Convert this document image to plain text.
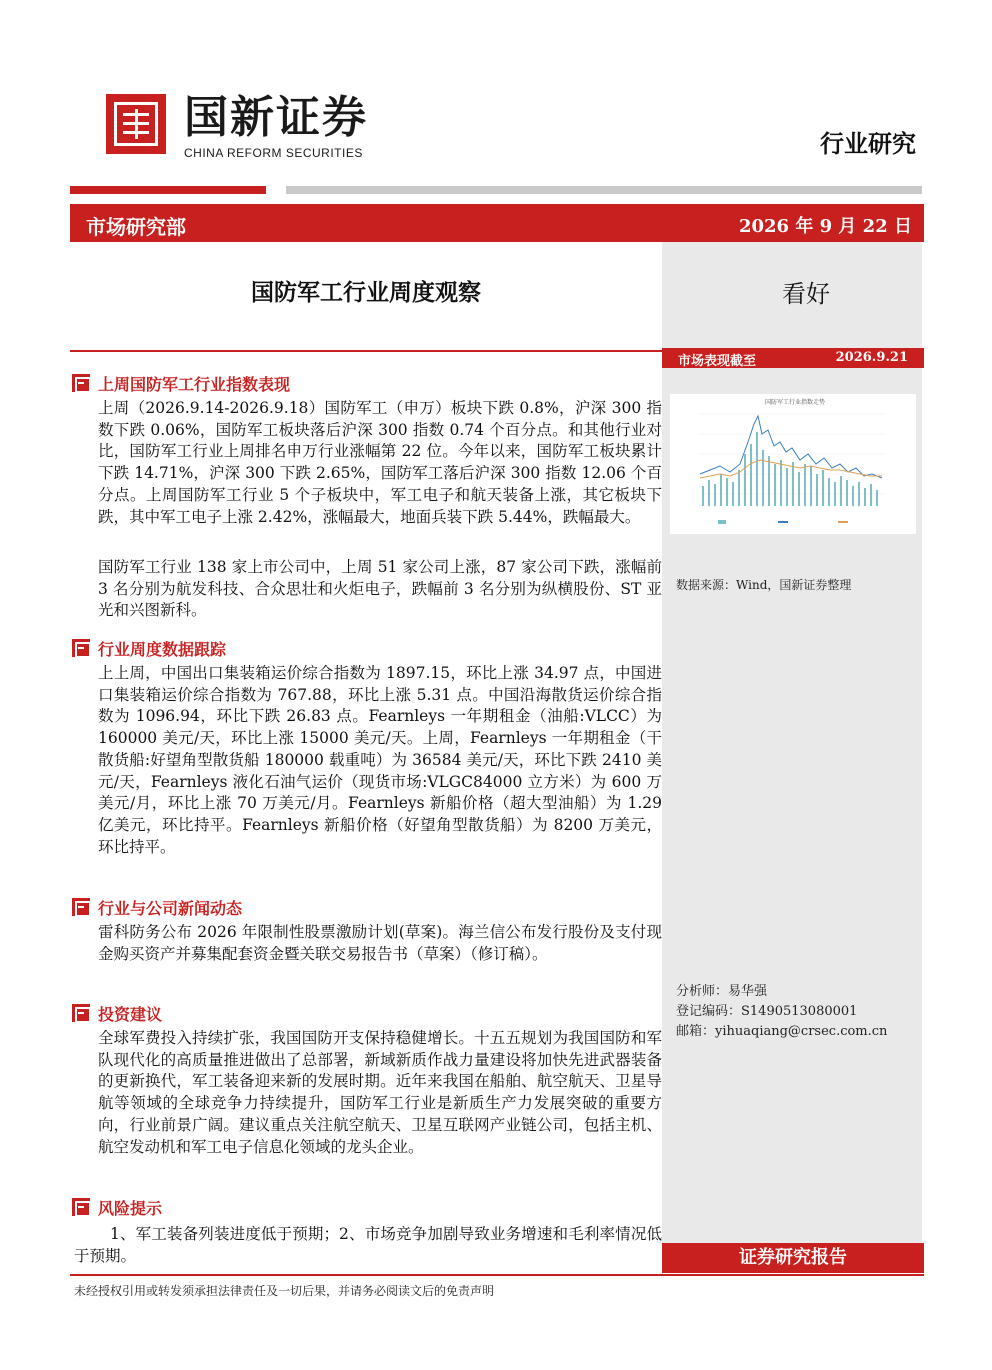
国新证券
CHINA REFORM SECURITIES	行业研究
市场研究部	2026 年 9 月 22 日
看好
国防军工行业周度观察
市场表现截至	2026.9.21
国防军工行业指数走势
数据来源：Wind，国新证券整理
分析师：易华强
登记编码：S1490513080001
邮箱：yihuaqiang@crsec.com.cn
上周国防军工行业指数表现
上周（2026.9.14-2026.9.18）国防军工（申万）板块下跌 0.8%，沪深 300 指数下跌 0.06%，国防军工板块落后沪深 300 指数 0.74 个百分点。和其他行业对比，国防军工行业上周排名申万行业涨幅第 22 位。今年以来，国防军工板块累计下跌 14.71%，沪深 300 下跌 2.65%，国防军工落后沪深 300 指数 12.06 个百分点。上周国防军工行业 5 个子板块中，军工电子和航天装备上涨，其它板块下跌，其中军工电子上涨 2.42%，涨幅最大，地面兵装下跌 5.44%，跌幅最大。
国防军工行业 138 家上市公司中，上周 51 家公司上涨，87 家公司下跌，涨幅前 3 名分别为航发科技、合众思壮和火炬电子，跌幅前 3 名分别为纵横股份、ST 亚光和兴图新科。
行业周度数据跟踪
上上周，中国出口集装箱运价综合指数为 1897.15，环比上涨 34.97 点，中国进口集装箱运价综合指数为 767.88，环比上涨 5.31 点。中国沿海散货运价综合指数为 1096.94，环比下跌 26.83 点。Fearnleys 一年期租金（油船:VLCC）为 160000 美元/天，环比上涨 15000 美元/天。上周，Fearnleys 一年期租金（干散货船:好望角型散货船 180000 载重吨）为 36584 美元/天，环比下跌 2410 美元/天，Fearnleys 液化石油气运价（现货市场:VLGC84000 立方米）为 600 万美元/月，环比上涨 70 万美元/月。Fearnleys 新船价格（超大型油船）为 1.29 亿美元，环比持平。Fearnleys 新船价格（好望角型散货船）为 8200 万美元，环比持平。
行业与公司新闻动态
雷科防务公布 2026 年限制性股票激励计划(草案)。海兰信公布发行股份及支付现金购买资产并募集配套资金暨关联交易报告书（草案）（修订稿）。
投资建议
全球军费投入持续扩张，我国国防开支保持稳健增长。十五五规划为我国国防和军队现代化的高质量推进做出了总部署，新域新质作战力量建设将加快先进武器装备的更新换代，军工装备迎来新的发展时期。近年来我国在船舶、航空航天、卫星导航等领域的全球竞争力持续提升，国防军工行业是新质生产力发展突破的重要方向，行业前景广阔。建议重点关注航空航天、卫星互联网产业链公司，包括主机、航空发动机和军工电子信息化领域的龙头企业。
风险提示
1、军工装备列装进度低于预期；2、市场竞争加剧导致业务增速和毛利率情况低于预期。	证券研究报告
未经授权引用或转发须承担法律责任及一切后果，并请务必阅读文后的免责声明
